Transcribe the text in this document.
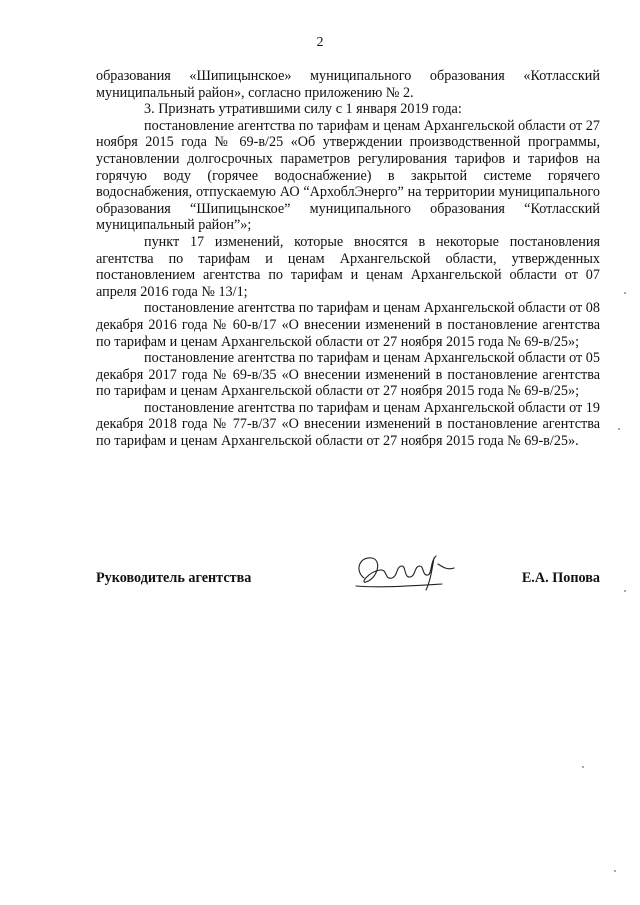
2

образования «Шипицынское» муниципального образования «Котласский муниципальный район», согласно приложению № 2.

3. Признать утратившими силу с 1 января 2019 года:

постановление агентства по тарифам и ценам Архангельской области от 27 ноября 2015 года № 69-в/25 «Об утверждении производственной программы, установлении долгосрочных параметров регулирования тарифов и тарифов на горячую воду (горячее водоснабжение) в закрытой системе горячего водоснабжения, отпускаемую АО “АрхоблЭнерго” на территории муниципального образования “Шипицынское” муниципального образования “Котласский муниципальный район”»;

пункт 17 изменений, которые вносятся в некоторые постановления агентства по тарифам и ценам Архангельской области, утвержденных постановлением агентства по тарифам и ценам Архангельской области от 07 апреля 2016 года № 13/1;

постановление агентства по тарифам и ценам Архангельской области от 08 декабря 2016 года № 60-в/17 «О внесении изменений в постановление агентства по тарифам и ценам Архангельской области от 27 ноября 2015 года № 69-в/25»;

постановление агентства по тарифам и ценам Архангельской области от 05 декабря 2017 года № 69-в/35 «О внесении изменений в постановление агентства по тарифам и ценам Архангельской области от 27 ноября 2015 года № 69-в/25»;

постановление агентства по тарифам и ценам Архангельской области от 19 декабря 2018 года № 77-в/37 «О внесении изменений в постановление агентства по тарифам и ценам Архангельской области от 27 ноября 2015 года № 69-в/25».

Руководитель агентства	Е.А. Попова
